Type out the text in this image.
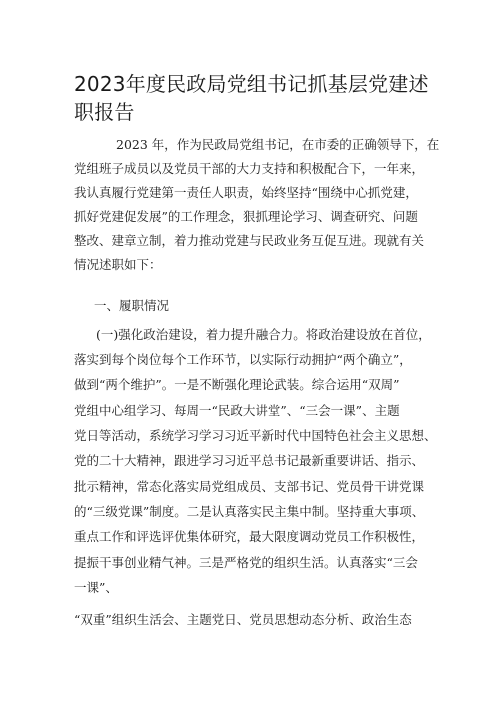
2023年度民政局党组书记抓基层党建述职报告
2023 年，作为民政局党组书记，在市委的正确领导下，在
党组班子成员以及党员干部的大力支持和积极配合下，一年来，
我认真履行党建第一责任人职责，始终坚持“围绕中心抓党建，
抓好党建促发展”的工作理念，狠抓理论学习、调查研究、问题
整改、建章立制，着力推动党建与民政业务互促互进。现就有关
情况述职如下：
一、履职情况
(一)强化政治建设，着力提升融合力。将政治建设放在首位，
落实到每个岗位每个工作环节，以实际行动拥护“两个确立”，
做到“两个维护”。一是不断强化理论武装。综合运用“双周”
党组中心组学习、每周一“民政大讲堂”、“三会一课”、主题
党日等活动，系统学习学习习近平新时代中国特色社会主义思想、
党的二十大精神，跟进学习习近平总书记最新重要讲话、指示、
批示精神，常态化落实局党组成员、支部书记、党员骨干讲党课
的“三级党课”制度。二是认真落实民主集中制。坚持重大事项、
重点工作和评选评优集体研究，最大限度调动党员工作积极性，
提振干事创业精气神。三是严格党的组织生活。认真落实“三会
一课”、
“双重”组织生活会、主题党日、党员思想动态分析、政治生态
